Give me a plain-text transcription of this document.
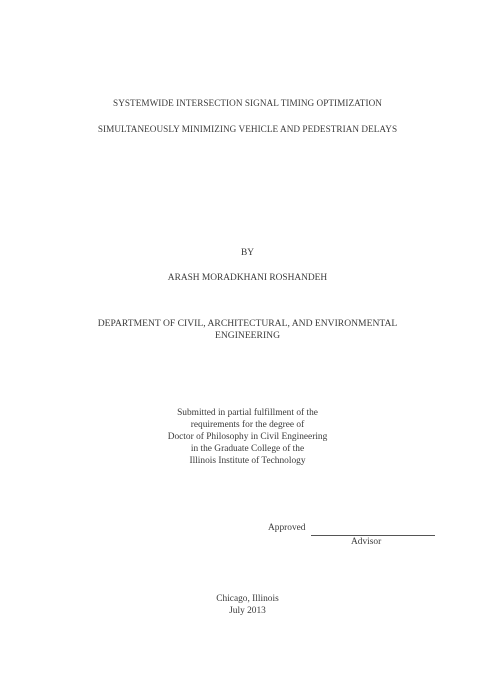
SYSTEMWIDE INTERSECTION SIGNAL TIMING OPTIMIZATION
SIMULTANEOUSLY MINIMIZING VEHICLE AND PEDESTRIAN DELAYS
BY
ARASH MORADKHANI ROSHANDEH
DEPARTMENT OF CIVIL, ARCHITECTURAL, AND ENVIRONMENTAL
ENGINEERING
Submitted in partial fulfillment of the
requirements for the degree of
Doctor of Philosophy in Civil Engineering
in the Graduate College of the
Illinois Institute of Technology
Approved
Advisor
Chicago, Illinois
July 2013
